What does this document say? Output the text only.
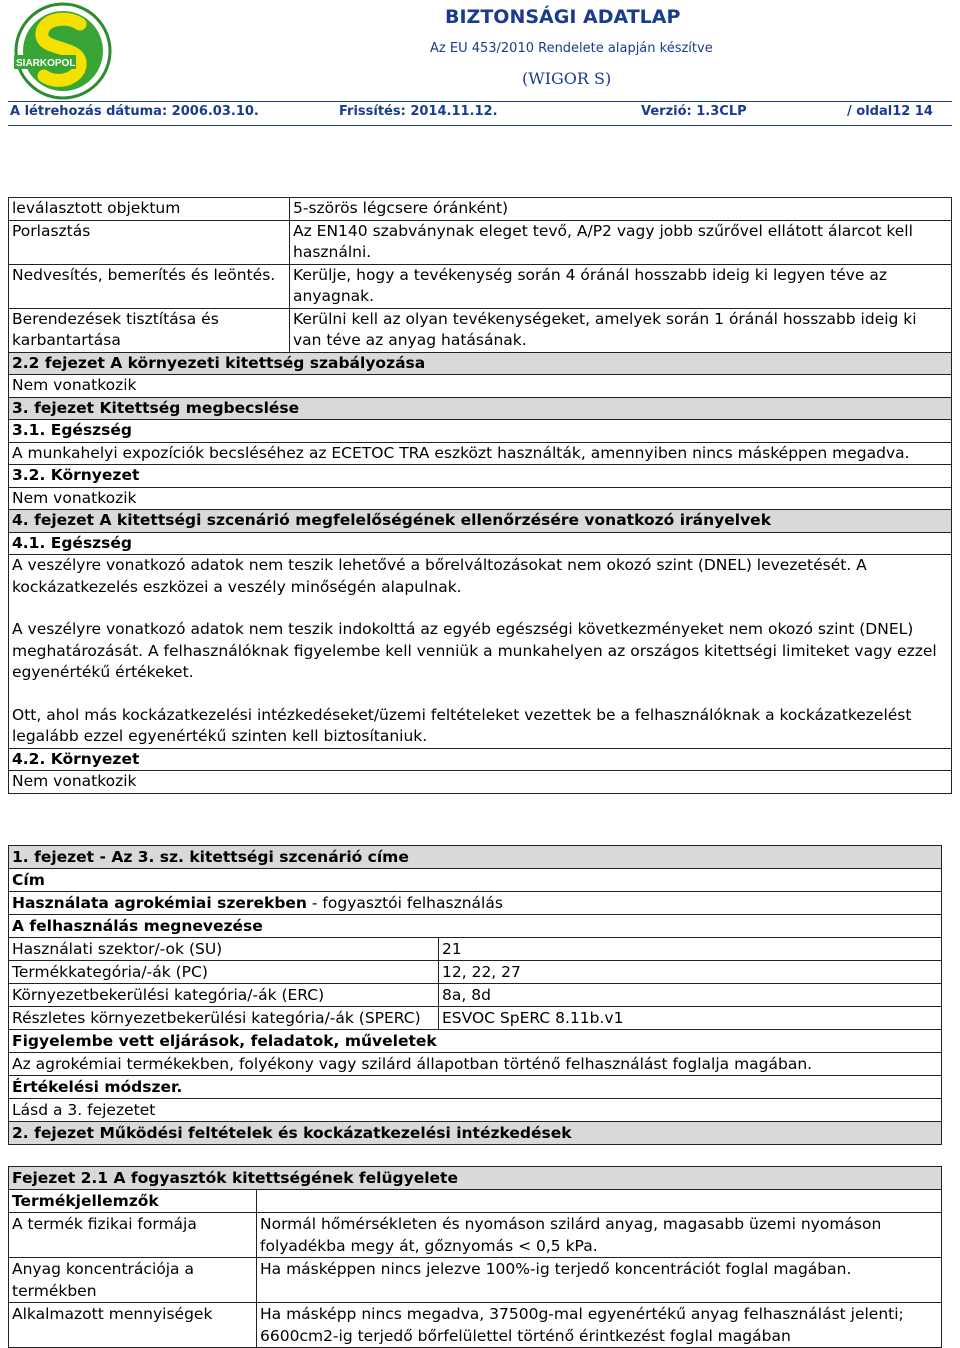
SIARKOPOL
BIZTONSÁGI ADATLAP
Az EU 453/2010 Rendelete alapján készítve
(WIGOR S)
A létrehozás dátuma: 2006.03.10.	Frissítés: 2014.11.12.	Verzió: 1.3CLP	/ oldal12 14
leválasztott objektum	5-szörös légcsere óránként)
Porlasztás	Az EN140 szabványnak eleget tevő, A/P2 vagy jobb szűrővel ellátott álarcot kell használni.
Nedvesítés, bemerítés és leöntés.	Kerülje, hogy a tevékenység során 4 óránál hosszabb ideig ki legyen téve az anyagnak.
Berendezések tisztítása és karbantartása	Kerülni kell az olyan tevékenységeket, amelyek során 1 óránál hosszabb ideig ki van téve az anyag hatásának.
2.2 fejezet A környezeti kitettség szabályozása	
Nem vonatkozik	
3. fejezet Kitettség megbecslése	
3.1. Egészség	
A munkahelyi expozíciók becsléséhez az ECETOC TRA eszközt használták, amennyiben nincs másképpen megadva.	
3.2. Környezet	
Nem vonatkozik	
4. fejezet A kitettségi szcenárió megfelelőségének ellenőrzésére vonatkozó irányelvek	
4.1. Egészség	

A veszélyre vonatkozó adatok nem teszik lehetővé a bőrelváltozásokat nem okozó szint (DNEL) levezetését. A kockázatkezelés eszközei a veszély minőségén alapulnak.
A veszélyre vonatkozó adatok nem teszik indokolttá az egyéb egészségi következményeket nem okozó szint (DNEL) meghatározását. A felhasználóknak figyelembe kell venniük a munkahelyen az országos kitettségi limiteket vagy ezzel egyenértékű értékeket.
Ott, ahol más kockázatkezelési intézkedéseket/üzemi feltételeket vezettek be a felhasználóknak a kockázatkezelést legalább ezzel egyenértékű szinten kell biztosítaniuk.	

4.2. Környezet	
Nem vonatkozik	
1. fejezet - Az 3. sz. kitettségi szcenárió címe	
Cím	
Használata agrokémiai szerekben - fogyasztói felhasználás	
A felhasználás megnevezése	
Használati szektor/-ok (SU)	21
Termékkategória/-ák (PC)	12, 22, 27
Környezetbekerülési kategória/-ák (ERC)	8a, 8d
Részletes környezetbekerülési kategória/-ák (SPERC)	ESVOC SpERC 8.11b.v1
Figyelembe vett eljárások, feladatok, műveletek	
Az agrokémiai termékekben, folyékony vagy szilárd állapotban történő felhasználást foglalja magában.	
Értékelési módszer.	
Lásd a 3. fejezetet	
2. fejezet Működési feltételek és kockázatkezelési intézkedések	

Fejezet 2.1 A fogyasztók kitettségének felügyelete	
Termékjellemzők	
A termék fizikai formája	Normál hőmérsékleten és nyomáson szilárd anyag, magasabb üzemi nyomáson folyadékba megy át, gőznyomás < 0,5 kPa.
Anyag koncentrációja a termékben	Ha másképpen nincs jelezve 100%-ig terjedő koncentrációt foglal magában.
Alkalmazott mennyiségek	Ha másképp nincs megadva, 37500g-mal egyenértékű anyag felhasználást jelenti; 6600cm2-ig terjedő bőrfelülettel történő érintkezést foglal magában
